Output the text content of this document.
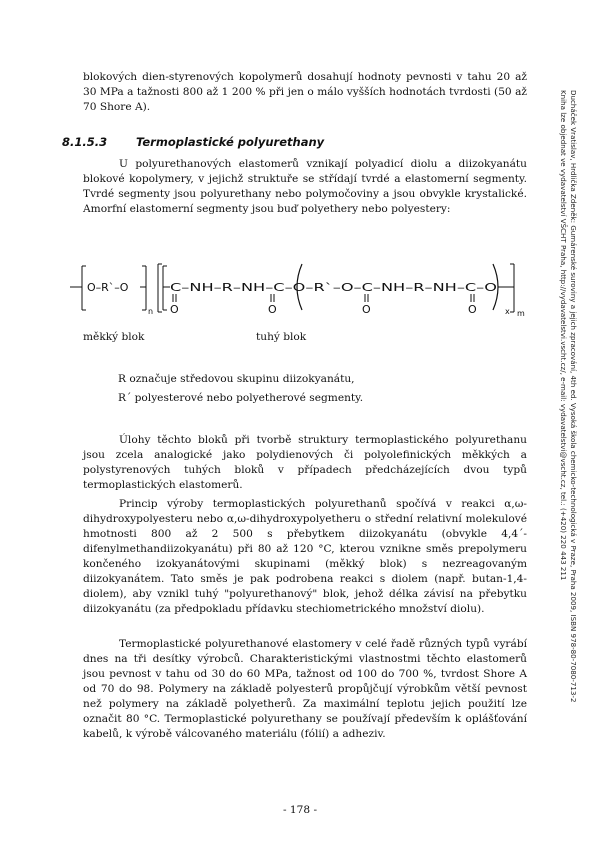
Ducháček Vratislav, Hrdlička Zdeněk: Gumárenské suroviny a jejich zpracování, 4th ed. Vysoká škola chemicko-technologická v Praze, Praha 2009, ISBN 978-80-7080-713-2
Kniha lze objednat ve vydavatelství VŠCHT Praha, http://vydavatelstvi.vscht.cz/, e-mail: vydavatelstvi@vscht.cz, tel.: (+420) 220 443 211

blokových dien-styrenových kopolymerů dosahují hodnoty pevnosti v tahu 20 až 30 MPa a tažnosti 800 až 1 200 % při jen o málo vyšších hodnotách tvrdosti (50 až 70 Shore A).

8.1.5.3	Termoplastické polyurethany

U polyurethanových elastomerů vznikají polyadicí diolu a diizokyanátu blokové kopolymery, v jejichž struktuře se střídají tvrdé a elastomerní segmenty. Tvrdé segmenty jsou polyurethany nebo polymočoviny a jsou obvykle krystalické. Amorfní elastomerní segmenty jsou buď polyethery nebo polyestery:

O–R`–O
n
C–NH–R–NH–C–O–R`–O–C–NH–R–NH–C–O
x m
O	O	O	O
měkký blok	tuhý blok
R označuje středovou skupinu diizokyanátu,
R´ polyesterové nebo polyetherové segmenty.

Úlohy těchto bloků při tvorbě struktury termoplastického polyurethanu jsou zcela analogické jako polydienových či polyolefinických měkkých a polystyrenových tuhých bloků v případech předcházejících dvou typů termoplastických elastomerů.

Princip výroby termoplastických polyurethanů spočívá v reakci α,ω-dihydroxypolyesteru nebo α,ω-dihydroxypolyetheru o střední relativní molekulové hmotnosti 800 až 2 500 s přebytkem diizokyanátu (obvykle 4,4´-difenylmethandiizokyanátu) při 80 až 120 °C, kterou vznikne směs prepolymeru končeného izokyanátovými skupinami (měkký blok) s nezreagovaným diizokyanátem. Tato směs je pak podrobena reakci s diolem (např. butan-1,4-diolem), aby vznikl tuhý "polyurethanový" blok, jehož délka závisí na přebytku diizokyanátu (za předpokladu přídavku stechiometrického množství diolu).

Termoplastické polyurethanové elastomery v celé řadě různých typů vyrábí dnes na tři desítky výrobců. Charakteristickými vlastnostmi těchto elastomerů jsou pevnost v tahu od 30 do 60 MPa, tažnost od 100 do 700 %, tvrdost Shore A od 70 do 98. Polymery na základě polyesterů propůjčují výrobkům větší pevnost než polymery na základě polyetherů. Za maximální teplotu jejich použití lze označit 80 °C. Termoplastické polyurethany se používají především k oplášťování kabelů, k výrobě válcovaného materiálu (fólií) a adheziv.

- 178 -
